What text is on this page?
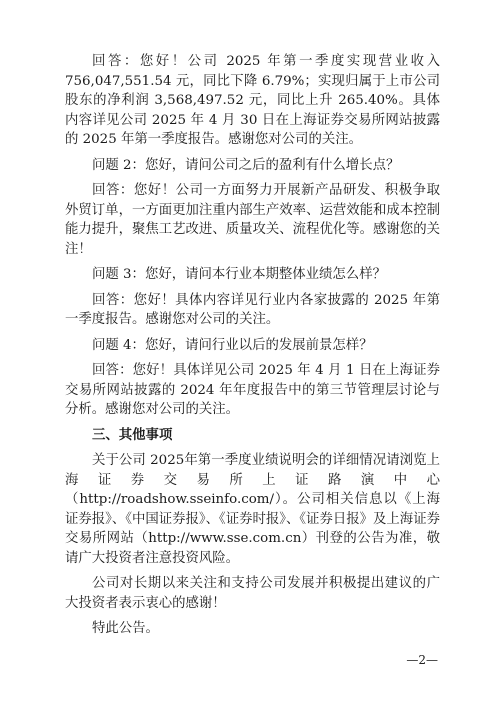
回答：您好！公司 2025 年第一季度实现营业收入 756,047,551.54 元，同比下降 6.79%；实现归属于上市公司股东的净利润 3,568,497.52 元，同比上升 265.40%。具体内容详见公司 2025 年 4 月 30 日在上海证券交易所网站披露的 2025 年第一季度报告。感谢您对公司的关注。

问题 2：您好，请问公司之后的盈利有什么增长点？

回答：您好！公司一方面努力开展新产品研发、积极争取外贸订单，一方面更加注重内部生产效率、运营效能和成本控制能力提升，聚焦工艺改进、质量攻关、流程优化等。感谢您的关注！

问题 3：您好，请问本行业本期整体业绩怎么样？

回答：您好！具体内容详见行业内各家披露的 2025 年第一季度报告。感谢您对公司的关注。

问题 4：您好，请问行业以后的发展前景怎样？

回答：您好！具体详见公司 2025 年 4 月 1 日在上海证券交易所网站披露的 2024 年年度报告中的第三节管理层讨论与分析。感谢您对公司的关注。

三、其他事项

关于公司 2025年第一季度业绩说明会的详细情况请浏览上海证券交易所上证路演中心（http://roadshow.sseinfo.com/）。公司相关信息以《上海证券报》、《中国证券报》、《证券时报》、《证券日报》及上海证券交易所网站（http://www.sse.com.cn）刊登的公告为准，敬请广大投资者注意投资风险。

公司对长期以来关注和支持公司发展并积极提出建议的广大投资者表示衷心的感谢！

特此公告。

—2—
